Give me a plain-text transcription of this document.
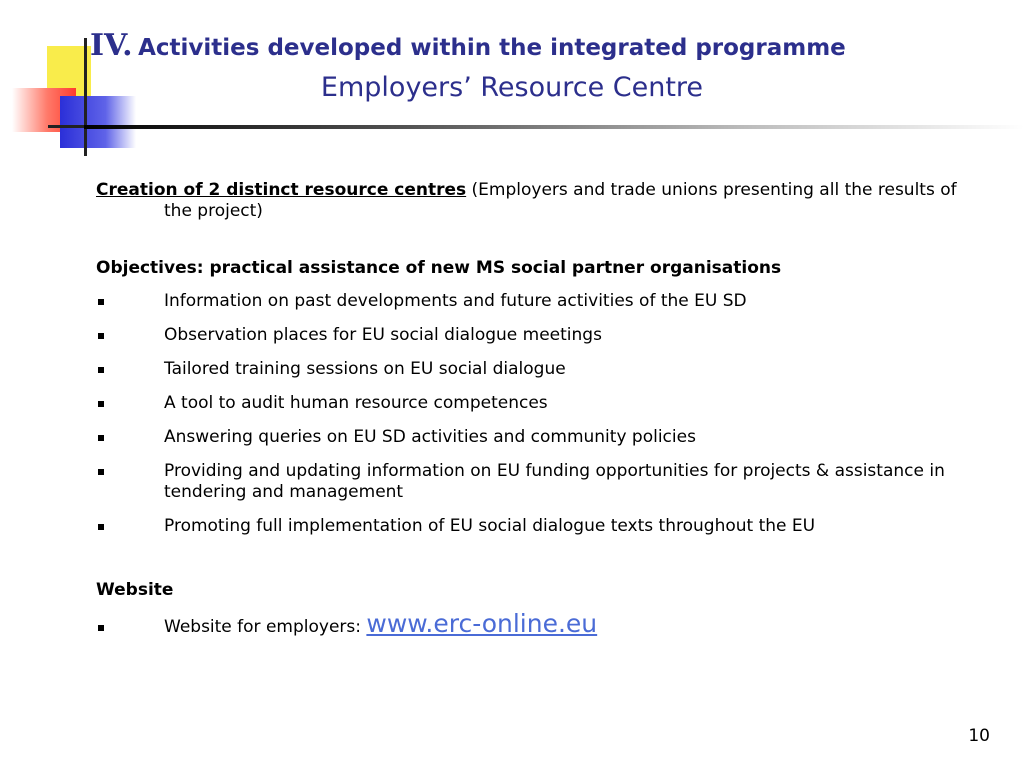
IV. Activities developed within the integrated programme
Employers’ Resource Centre

Creation of 2 distinct resource centres (Employers and trade unions presenting all the results of the project)

Objectives: practical assistance of new MS social partner organisations

Information on past developments and future activities of the EU SD
Observation places for EU social dialogue meetings
Tailored training sessions on EU social dialogue
A tool to audit human resource competences
Answering queries on EU SD activities and community policies
Providing and updating information on EU funding opportunities for projects & assistance in tendering and management
Promoting full implementation of EU social dialogue texts throughout the EU

Website

Website for employers: www.erc-online.eu
10
